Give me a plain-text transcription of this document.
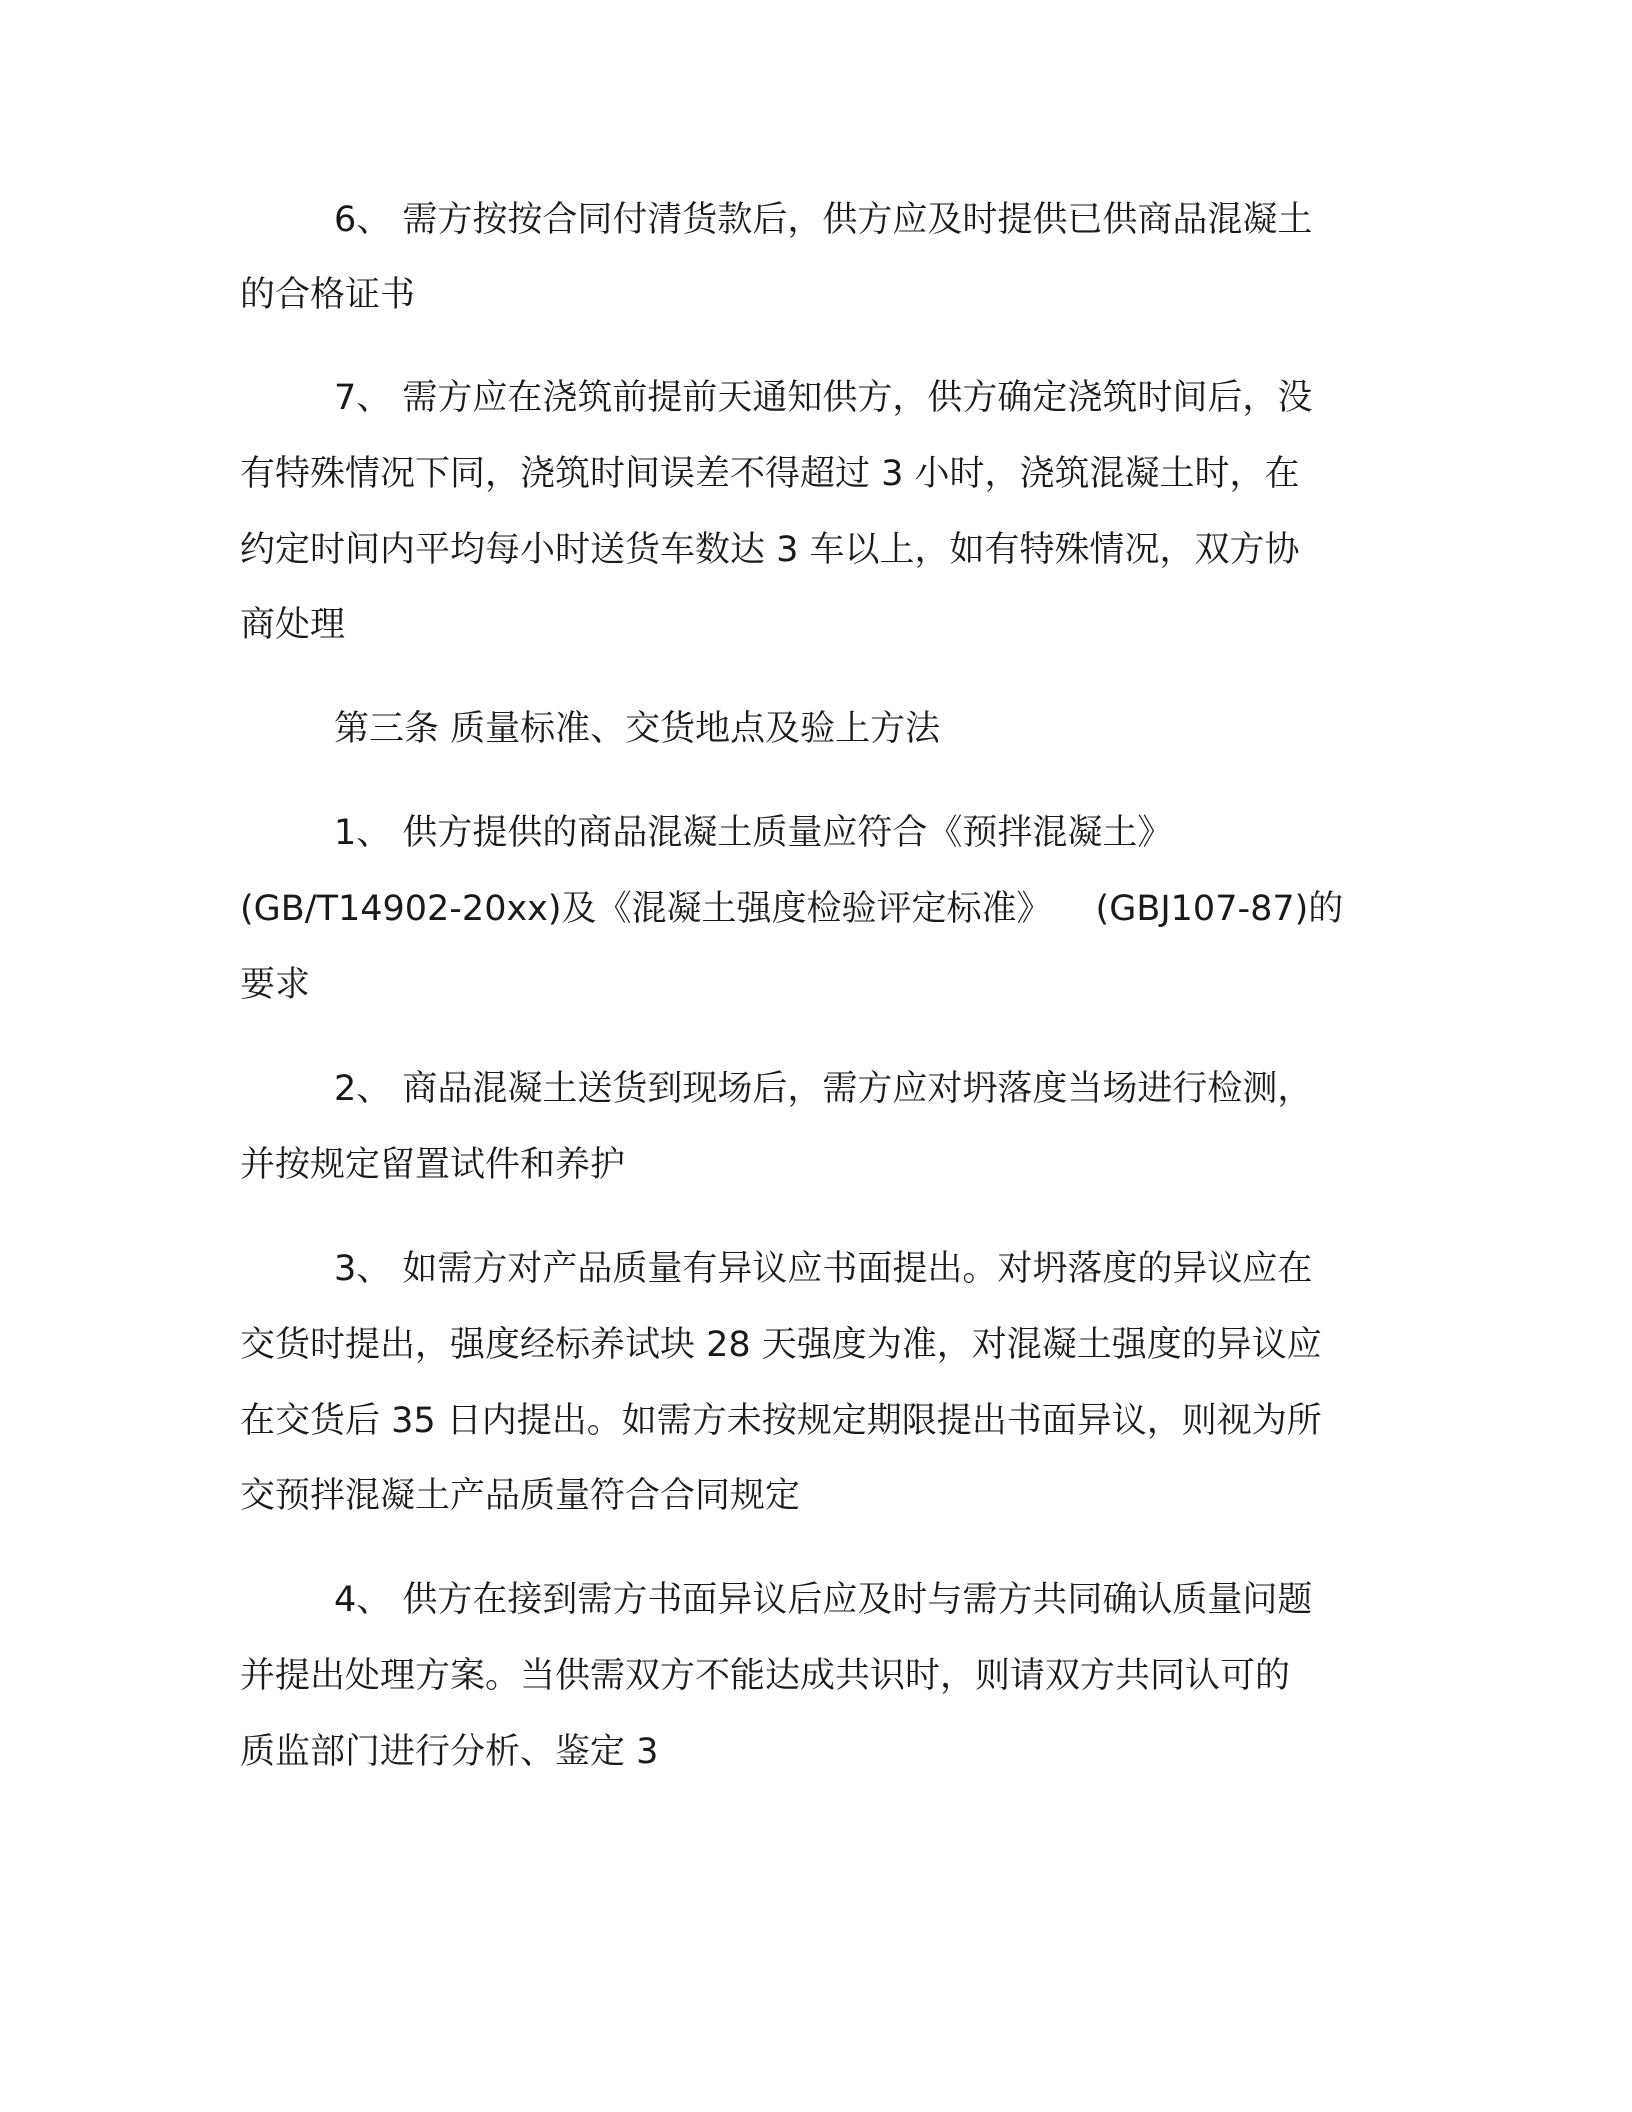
6、 需方按按合同付清货款后，供方应及时提供已供商品混凝土
的合格证书
7、 需方应在浇筑前提前天通知供方，供方确定浇筑时间后，没
有特殊情况下同，浇筑时间误差不得超过 3 小时，浇筑混凝土时，在
约定时间内平均每小时送货车数达 3 车以上，如有特殊情况，双方协
商处理
第三条 质量标准、交货地点及验上方法
1、 供方提供的商品混凝土质量应符合《预拌混凝土》
(GB/T14902-20xx)及《混凝土强度检验评定标准》 (GBJ107-87)的
要求
2、 商品混凝土送货到现场后，需方应对坍落度当场进行检测，
并按规定留置试件和养护
3、 如需方对产品质量有异议应书面提出。对坍落度的异议应在
交货时提出，强度经标养试块 28 天强度为准，对混凝土强度的异议应
在交货后 35 日内提出。如需方未按规定期限提出书面异议，则视为所
交预拌混凝土产品质量符合合同规定
4、 供方在接到需方书面异议后应及时与需方共同确认质量问题
并提出处理方案。当供需双方不能达成共识时，则请双方共同认可的
质监部门进行分析、鉴定 3
